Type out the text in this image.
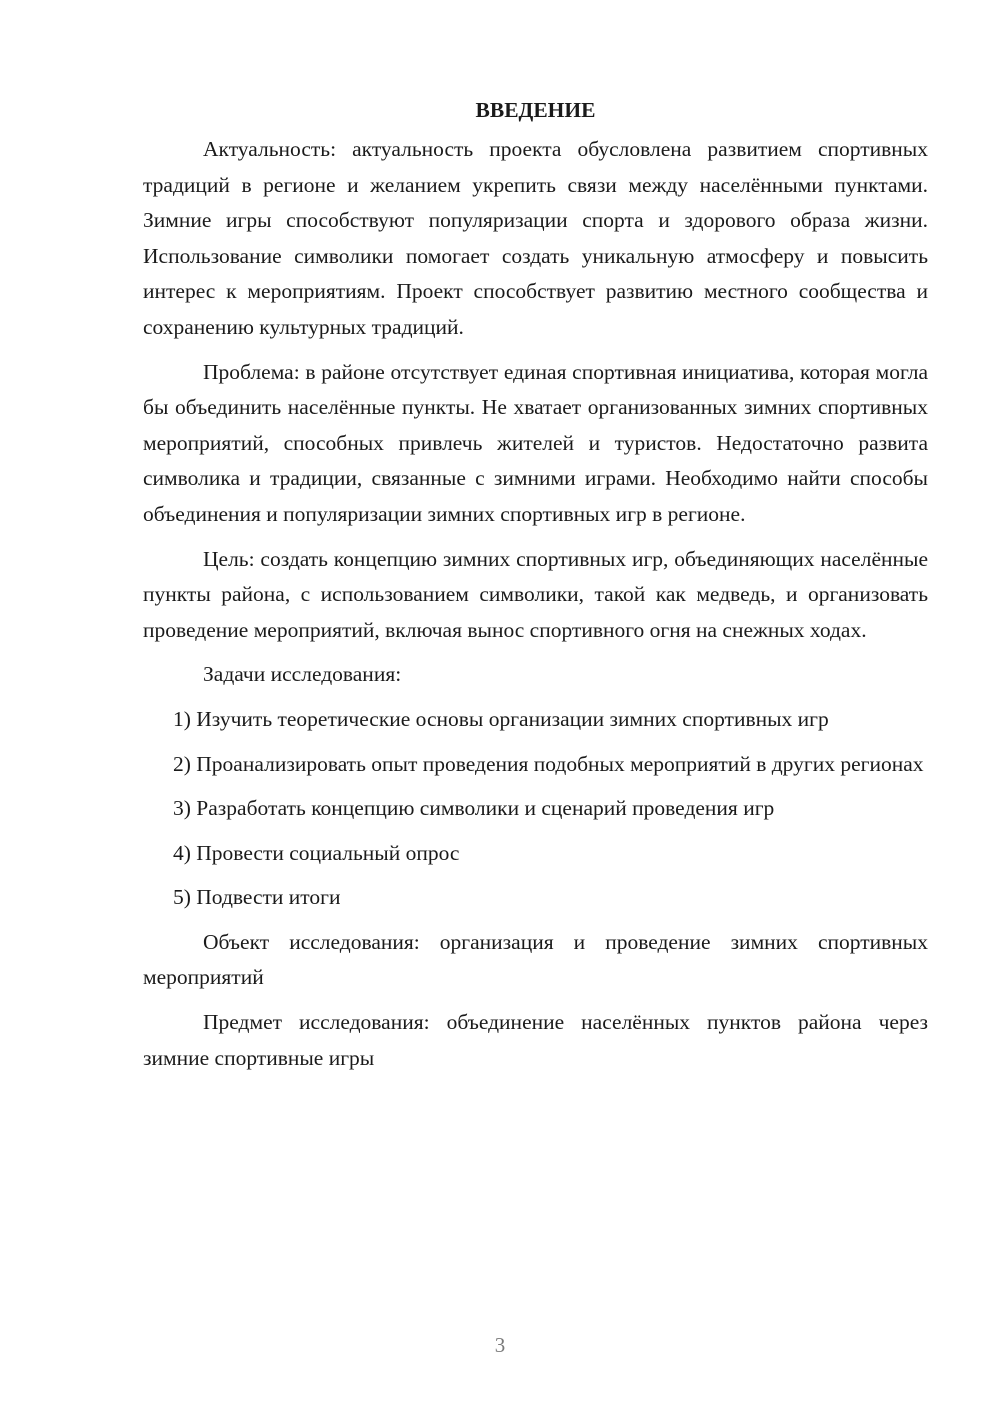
ВВЕДЕНИЕ

Актуальность: актуальность проекта обусловлена развитием спортивных традиций в регионе и желанием укрепить связи между населёнными пунктами. Зимние игры способствуют популяризации спорта и здорового образа жизни. Использование символики помогает создать уникальную атмосферу и повысить интерес к мероприятиям. Проект способствует развитию местного сообщества и сохранению культурных традиций.

Проблема: в районе отсутствует единая спортивная инициатива, которая могла бы объединить населённые пункты. Не хватает организованных зимних спортивных мероприятий, способных привлечь жителей и туристов. Недостаточно развита символика и традиции, связанные с зимними играми. Необходимо найти способы объединения и популяризации зимних спортивных игр в регионе.

Цель: создать концепцию зимних спортивных игр, объединяющих населённые пункты района, с использованием символики, такой как медведь, и организовать проведение мероприятий, включая вынос спортивного огня на снежных ходах.

Задачи исследования:

1) Изучить теоретические основы организации зимних спортивных игр

2) Проанализировать опыт проведения подобных мероприятий в других регионах

3) Разработать концепцию символики и сценарий проведения игр

4) Провести социальный опрос

5) Подвести итоги

Объект исследования: организация и проведение зимних спортивных мероприятий

Предмет исследования: объединение населённых пунктов района через зимние спортивные игры

3
